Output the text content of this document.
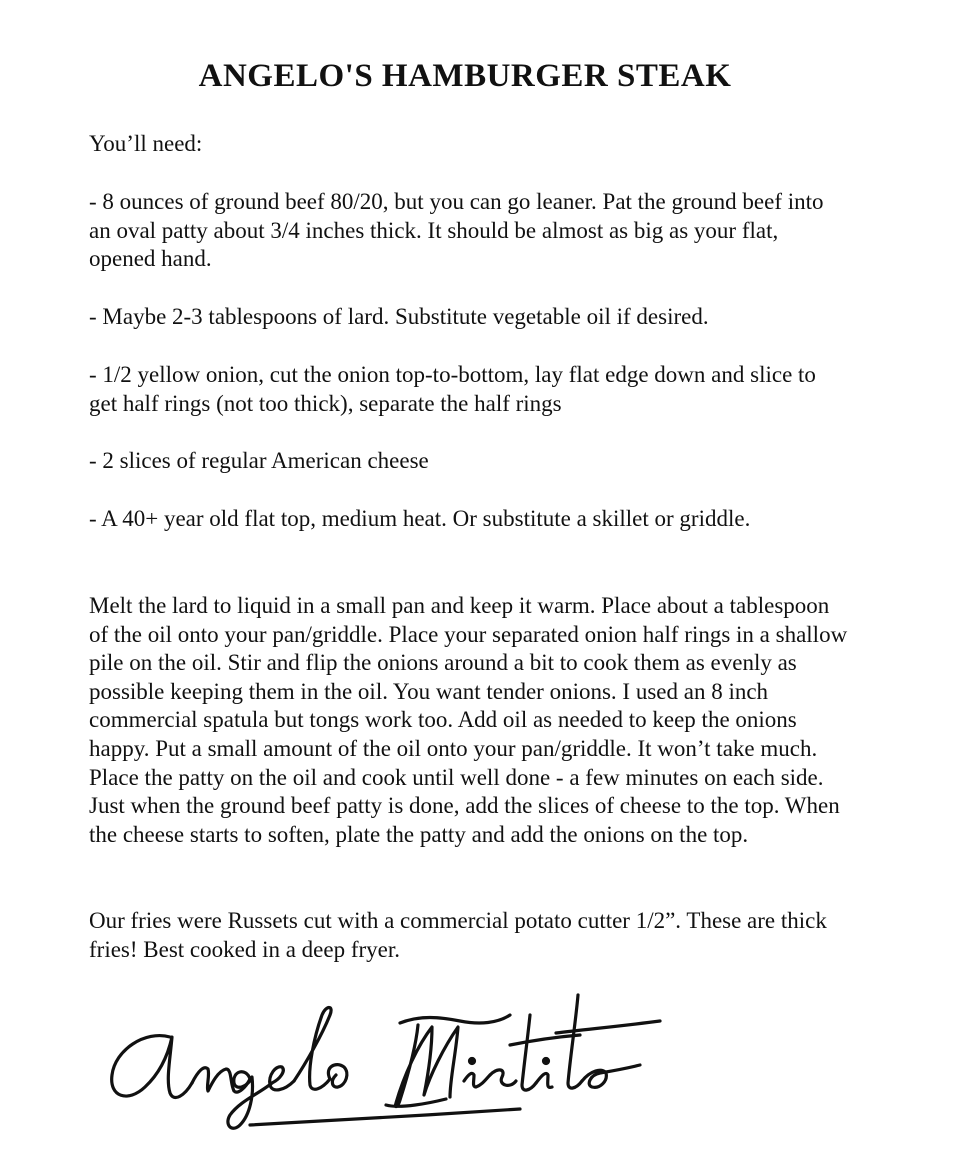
ANGELO'S HAMBURGER STEAK

You’ll need:

- 8 ounces of ground beef 80/20, but you can go leaner. Pat the ground beef into an oval patty about 3/4 inches thick. It should be almost as big as your flat, opened hand.

- Maybe 2-3 tablespoons of lard. Substitute vegetable oil if desired.

- 1/2 yellow onion, cut the onion top-to-bottom, lay flat edge down and slice to get half rings (not too thick), separate the half rings

- 2 slices of regular American cheese

- A 40+ year old flat top, medium heat. Or substitute a skillet or griddle.

Melt the lard to liquid in a small pan and keep it warm. Place about a tablespoon of the oil onto your pan/griddle. Place your separated onion half rings in a shallow pile on the oil. Stir and flip the onions around a bit to cook them as evenly as possible keeping them in the oil. You want tender onions. I used an 8 inch commercial spatula but tongs work too. Add oil as needed to keep the onions happy. Put a small amount of the oil onto your pan/griddle. It won’t take much. Place the patty on the oil and cook until well done - a few minutes on each side. Just when the ground beef patty is done, add the slices of cheese to the top. When the cheese starts to soften, plate the patty and add the onions on the top.

Our fries were Russets cut with a commercial potato cutter 1/2”. These are thick fries! Best cooked in a deep fryer.
